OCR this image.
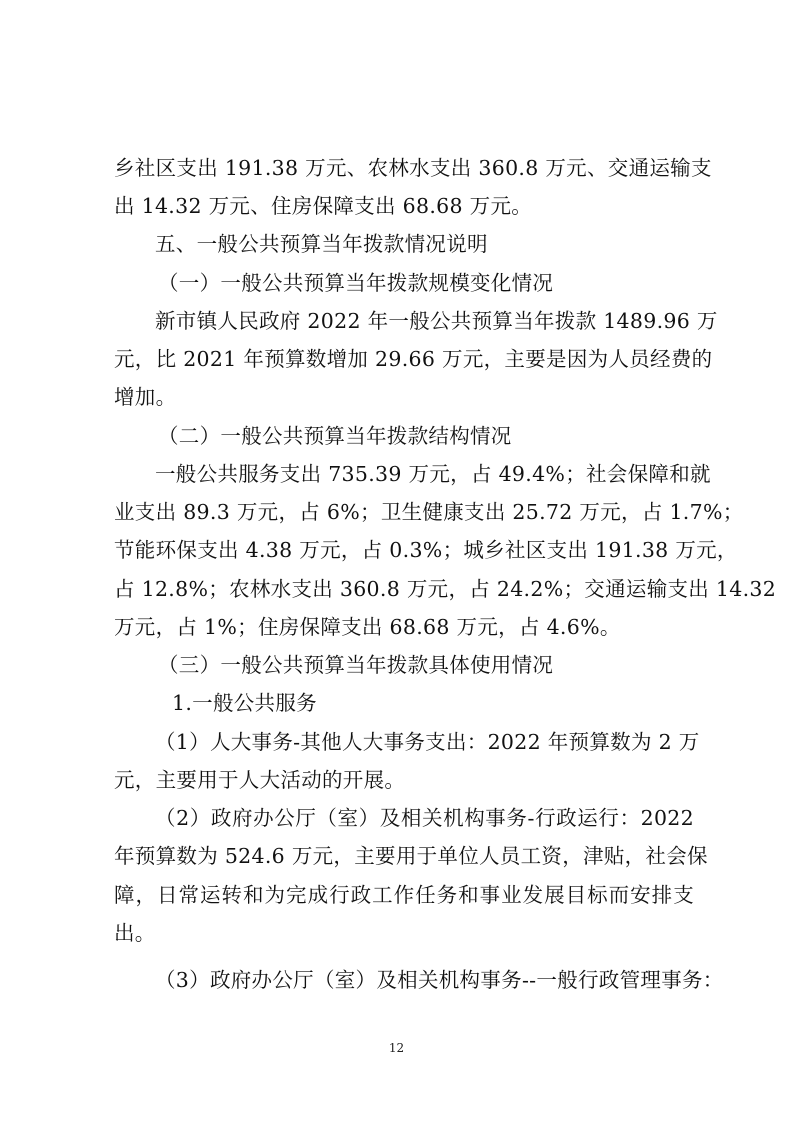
乡社区支出 191.38 万元、农林水支出 360.8 万元、交通运输支
出 14.32 万元、住房保障支出 68.68 万元。
五、一般公共预算当年拨款情况说明
（一）一般公共预算当年拨款规模变化情况
新市镇人民政府 2022 年一般公共预算当年拨款 1489.96 万
元，比 2021 年预算数增加 29.66 万元，主要是因为人员经费的
增加。
（二）一般公共预算当年拨款结构情况
一般公共服务支出 735.39 万元，占 49.4%；社会保障和就
业支出 89.3 万元，占 6%；卫生健康支出 25.72 万元，占 1.7%；
节能环保支出 4.38 万元，占 0.3%；城乡社区支出 191.38 万元，
占 12.8%；农林水支出 360.8 万元，占 24.2%；交通运输支出 14.32
万元，占 1%；住房保障支出 68.68 万元，占 4.6%。
（三）一般公共预算当年拨款具体使用情况
1.一般公共服务
（1）人大事务-其他人大事务支出：2022 年预算数为 2 万
元，主要用于人大活动的开展。
（2）政府办公厅（室）及相关机构事务-行政运行：2022
年预算数为 524.6 万元，主要用于单位人员工资，津贴，社会保
障，日常运转和为完成行政工作任务和事业发展目标而安排支
出。
（3）政府办公厅（室）及相关机构事务--一般行政管理事务：
12
